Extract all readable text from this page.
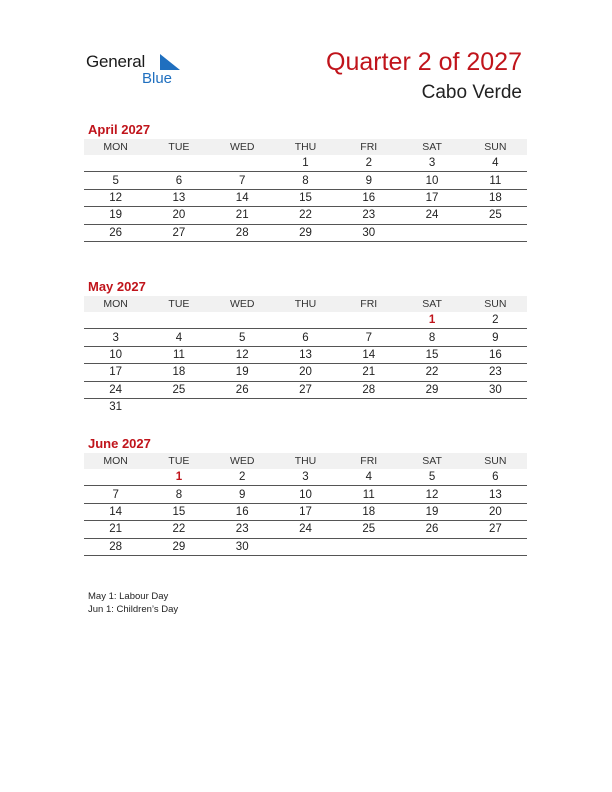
General
Blue
Quarter 2 of 2027
Cabo Verde
April 2027
MON	TUE	WED	THU	FRI	SAT	SUN
			1	2	3	4
5	6	7	8	9	10	11
12	13	14	15	16	17	18
19	20	21	22	23	24	25
26	27	28	29	30		
May 2027
MON	TUE	WED	THU	FRI	SAT	SUN
					1	2
3	4	5	6	7	8	9
10	11	12	13	14	15	16
17	18	19	20	21	22	23
24	25	26	27	28	29	30
31						
June 2027
MON	TUE	WED	THU	FRI	SAT	SUN
	1	2	3	4	5	6
7	8	9	10	11	12	13
14	15	16	17	18	19	20
21	22	23	24	25	26	27
28	29	30				
May 1: Labour Day
Jun 1: Children’s Day
